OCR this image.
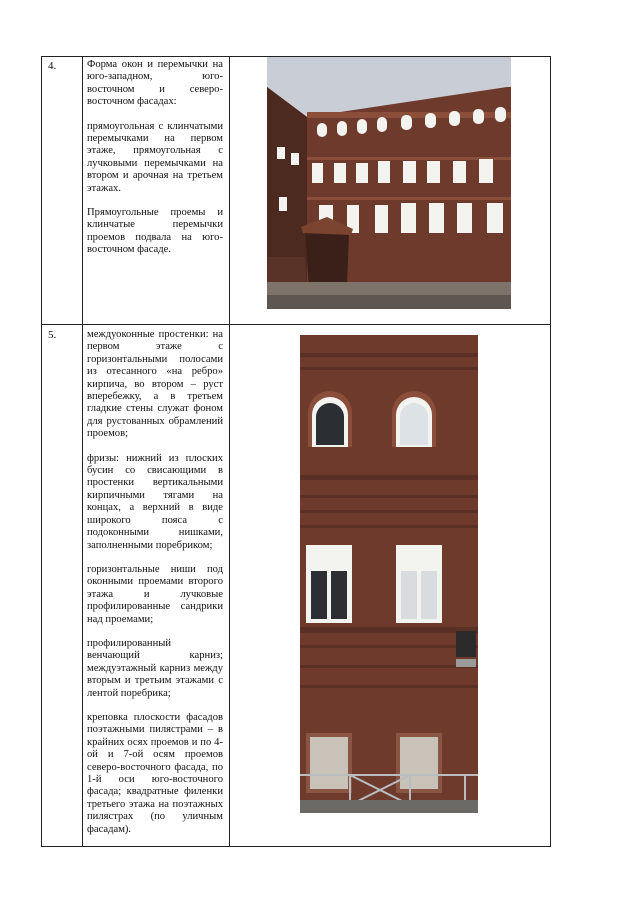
4.	Форма окон и перемычки на юго-западном, юго-восточном и северо-восточном фасадах:

прямоугольная с клинчатыми перемычками на первом этаже, прямоугольная с лучковыми перемычками на втором и арочная на третьем этажах.

Прямоугольные проемы и клинчатые перемычки проемов подвала на юго-восточном фасаде.

5.	междуоконные простенки: на первом этаже с горизонтальными полосами из отесанного «на ребро» кирпича, во втором – руст вперебежку, а в третьем гладкие стены служат фоном для рустованных обрамлений проемов;

фризы: нижний из плоских бусин со свисающими в простенки вертикальными кирпичными тягами на концах, а верхний в виде широкого пояса с подоконными нишками, заполненными поребриком;

горизонтальные ниши под оконными проемами второго этажа и лучковые профилированные сандрики над проемами;

профилированный венчающий карниз; междуэтажный карниз между вторым и третьим этажами с лентой поребрика;

креповка плоскости фасадов поэтажными пилястрами – в крайних осях проемов и по 4-ой и 7-ой осям проемов северо-восточного фасада, по 1-й оси юго-восточного фасада; квадратные филенки третьего этажа на поэтажных пилястрах (по уличным фасадам).
